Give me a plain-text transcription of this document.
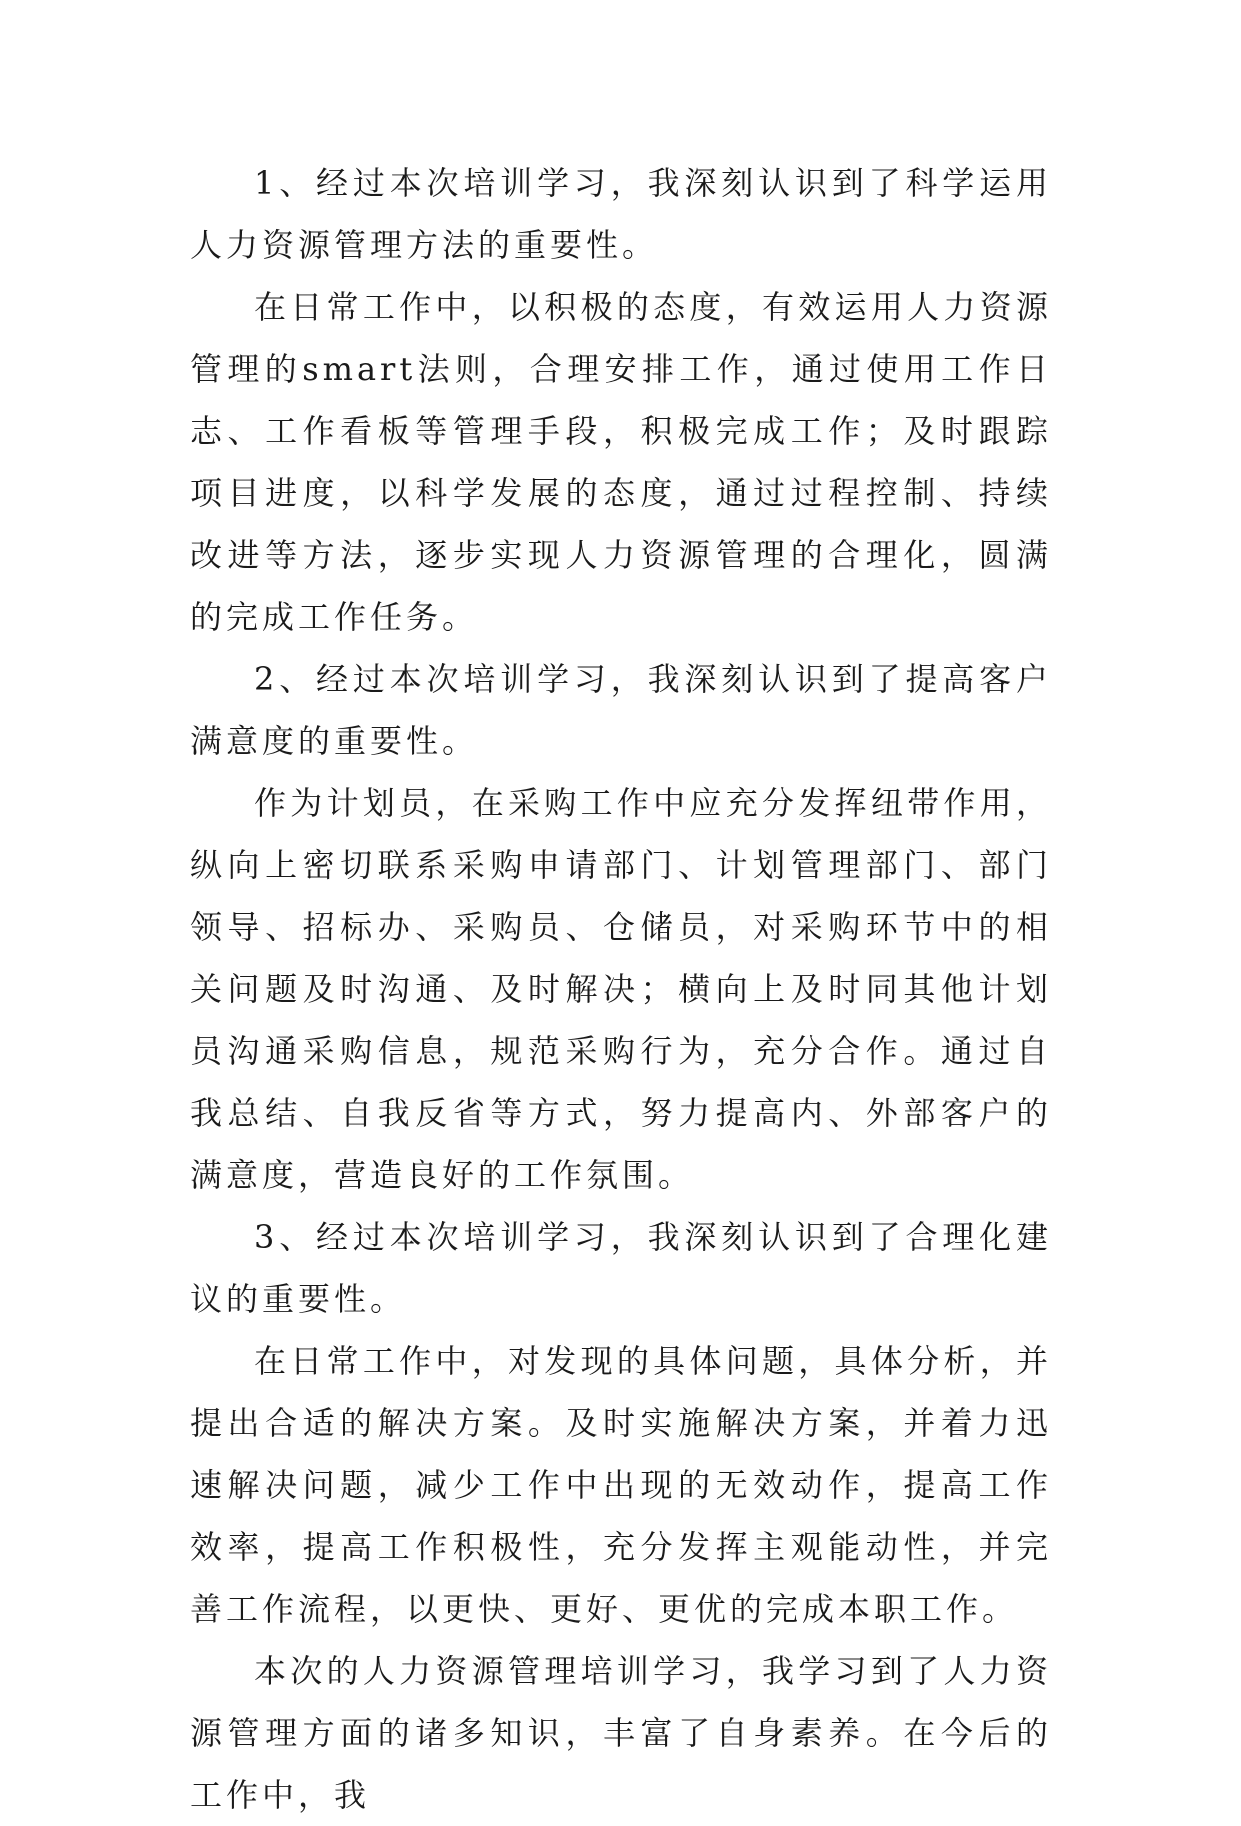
1、经过本次培训学习，我深刻认识到了科学运用人力资源管理方法的重要性。

在日常工作中，以积极的态度，有效运用人力资源管理的smart法则，合理安排工作，通过使用工作日志、工作看板等管理手段，积极完成工作；及时跟踪项目进度，以科学发展的态度，通过过程控制、持续改进等方法，逐步实现人力资源管理的合理化，圆满的完成工作任务。

2、经过本次培训学习，我深刻认识到了提高客户满意度的重要性。

作为计划员，在采购工作中应充分发挥纽带作用，纵向上密切联系采购申请部门、计划管理部门、部门领导、招标办、采购员、仓储员，对采购环节中的相关问题及时沟通、及时解决；横向上及时同其他计划员沟通采购信息，规范采购行为，充分合作。通过自我总结、自我反省等方式，努力提高内、外部客户的满意度，营造良好的工作氛围。

3、经过本次培训学习，我深刻认识到了合理化建议的重要性。

在日常工作中，对发现的具体问题，具体分析，并提出合适的解决方案。及时实施解决方案，并着力迅速解决问题，减少工作中出现的无效动作，提高工作效率，提高工作积极性，充分发挥主观能动性，并完善工作流程，以更快、更好、更优的完成本职工作。

本次的人力资源管理培训学习，我学习到了人力资源管理方面的诸多知识，丰富了自身素养。在今后的工作中，我
